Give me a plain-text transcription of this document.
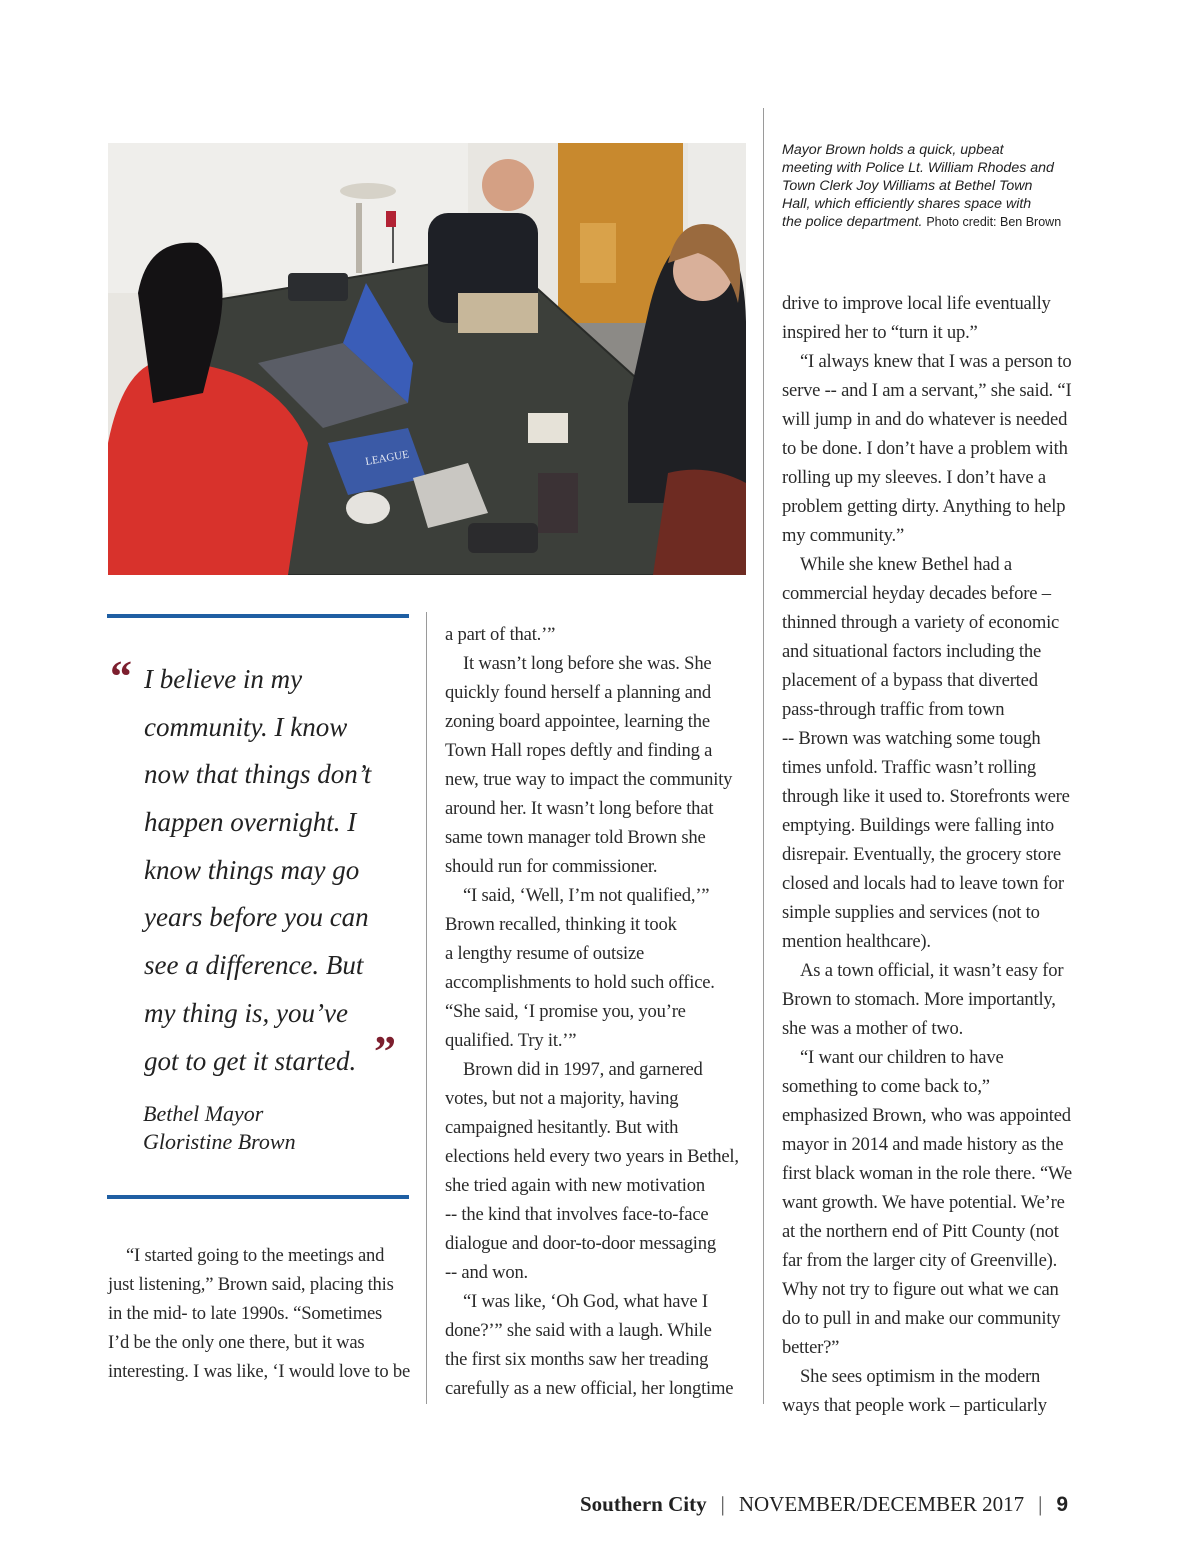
LEAGUE
Mayor Brown holds a quick, upbeat
meeting with Police Lt. William Rhodes and
Town Clerk Joy Williams at Bethel Town
Hall, which efficiently shares space with
the police department. Photo credit: Ben Brown
“ I believe in my
community. I know
now that things don’t
happen overnight. I
know things may go
years before you can
see a difference. But
my thing is, you’ve
got to get it started. ”
Bethel Mayor
Gloristine Brown
“I started going to the meetings and
just listening,” Brown said, placing this
in the mid- to late 1990s. “Sometimes
I’d be the only one there, but it was
interesting. I was like, ‘I would love to be
a part of that.’”
It wasn’t long before she was. She
quickly found herself a planning and
zoning board appointee, learning the
Town Hall ropes deftly and finding a
new, true way to impact the community
around her. It wasn’t long before that
same town manager told Brown she
should run for commissioner.
“I said, ‘Well, I’m not qualified,’”
Brown recalled, thinking it took
a lengthy resume of outsize
accomplishments to hold such office.
“She said, ‘I promise you, you’re
qualified. Try it.’”
Brown did in 1997, and garnered
votes, but not a majority, having
campaigned hesitantly. But with
elections held every two years in Bethel,
she tried again with new motivation
-- the kind that involves face-to-face
dialogue and door-to-door messaging
-- and won.
“I was like, ‘Oh God, what have I
done?’” she said with a laugh. While
the first six months saw her treading
carefully as a new official, her longtime
drive to improve local life eventually
inspired her to “turn it up.”
“I always knew that I was a person to
serve -- and I am a servant,” she said. “I
will jump in and do whatever is needed
to be done. I don’t have a problem with
rolling up my sleeves. I don’t have a
problem getting dirty. Anything to help
my community.”
While she knew Bethel had a
commercial heyday decades before –
thinned through a variety of economic
and situational factors including the
placement of a bypass that diverted
pass-through traffic from town
-- Brown was watching some tough
times unfold. Traffic wasn’t rolling
through like it used to. Storefronts were
emptying. Buildings were falling into
disrepair. Eventually, the grocery store
closed and locals had to leave town for
simple supplies and services (not to
mention healthcare).
As a town official, it wasn’t easy for
Brown to stomach. More importantly,
she was a mother of two.
“I want our children to have
something to come back to,”
emphasized Brown, who was appointed
mayor in 2014 and made history as the
first black woman in the role there. “We
want growth. We have potential. We’re
at the northern end of Pitt County (not
far from the larger city of Greenville).
Why not try to figure out what we can
do to pull in and make our community
better?”
She sees optimism in the modern
ways that people work – particularly
Southern City | NOVEMBER/DECEMBER 2017 | 9
